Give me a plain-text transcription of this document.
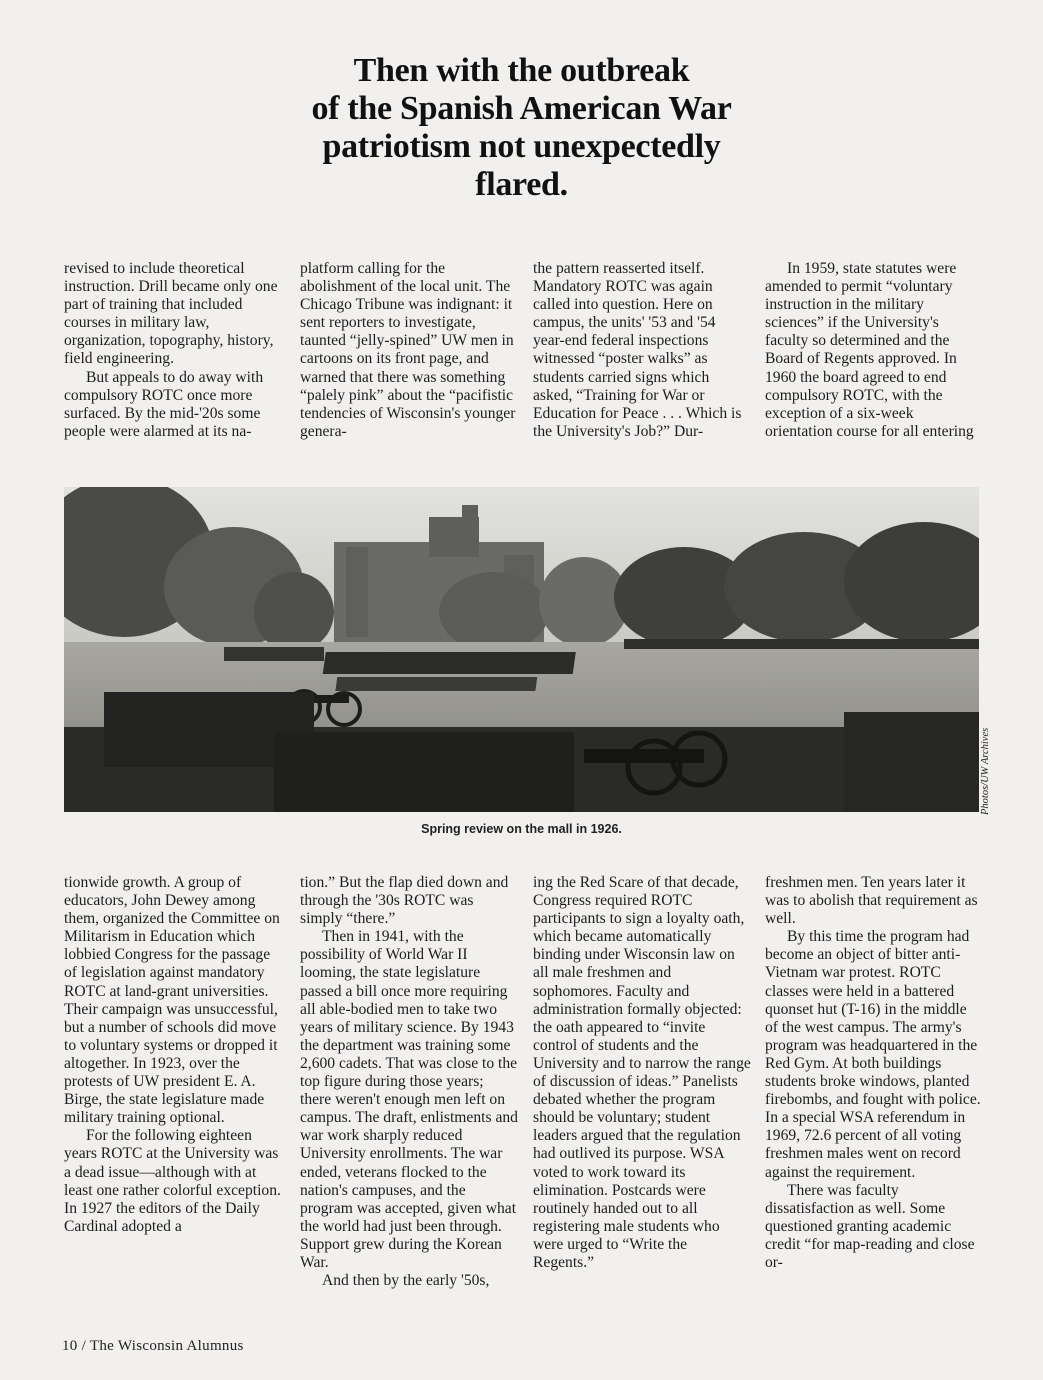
Then with the outbreak
of the Spanish American War
patriotism not unexpectedly
flared.

revised to include theoretical instruction. Drill became only one part of training that included courses in military law, organization, topography, history, field engineering.

But appeals to do away with compulsory ROTC once more surfaced. By the mid-'20s some people were alarmed at its na-

platform calling for the abolishment of the local unit. The Chicago Tribune was indignant: it sent reporters to investigate, taunted “jelly-spined” UW men in cartoons on its front page, and warned that there was something “palely pink” about the “pacifistic tendencies of Wisconsin's younger genera-

the pattern reasserted itself. Mandatory ROTC was again called into question. Here on campus, the units' '53 and '54 year-end federal inspections witnessed “poster walks” as students carried signs which asked, “Training for War or Education for Peace . . . Which is the University's Job?” Dur-

In 1959, state statutes were amended to permit “voluntary instruction in the military sciences” if the University's faculty so determined and the Board of Regents approved. In 1960 the board agreed to end compulsory ROTC, with the exception of a six-week orientation course for all entering

Photos/UW Archives
Spring review on the mall in 1926.

tionwide growth. A group of educators, John Dewey among them, organized the Committee on Militarism in Education which lobbied Congress for the passage of legislation against mandatory ROTC at land-grant universities. Their campaign was unsuccessful, but a number of schools did move to voluntary systems or dropped it altogether. In 1923, over the protests of UW president E. A. Birge, the state legislature made military training optional.

For the following eighteen years ROTC at the University was a dead issue—although with at least one rather colorful exception. In 1927 the editors of the Daily Cardinal adopted a

tion.” But the flap died down and through the '30s ROTC was simply “there.”

Then in 1941, with the possibility of World War II looming, the state legislature passed a bill once more requiring all able-bodied men to take two years of military science. By 1943 the department was training some 2,600 cadets. That was close to the top figure during those years; there weren't enough men left on campus. The draft, enlistments and war work sharply reduced University enrollments. The war ended, veterans flocked to the nation's campuses, and the program was accepted, given what the world had just been through. Support grew during the Korean War.

And then by the early '50s,

ing the Red Scare of that decade, Congress required ROTC participants to sign a loyalty oath, which became automatically binding under Wisconsin law on all male freshmen and sophomores. Faculty and administration formally objected: the oath appeared to “invite control of students and the University and to narrow the range of discussion of ideas.” Panelists debated whether the program should be voluntary; student leaders argued that the regulation had outlived its purpose. WSA voted to work toward its elimination. Postcards were routinely handed out to all registering male students who were urged to “Write the Regents.”

freshmen men. Ten years later it was to abolish that requirement as well.

By this time the program had become an object of bitter anti-Vietnam war protest. ROTC classes were held in a battered quonset hut (T-16) in the middle of the west campus. The army's program was headquartered in the Red Gym. At both buildings students broke windows, planted firebombs, and fought with police. In a special WSA referendum in 1969, 72.6 percent of all voting freshmen males went on record against the requirement.

There was faculty dissatisfaction as well. Some questioned granting academic credit “for map-reading and close or-

10 / The Wisconsin Alumnus
